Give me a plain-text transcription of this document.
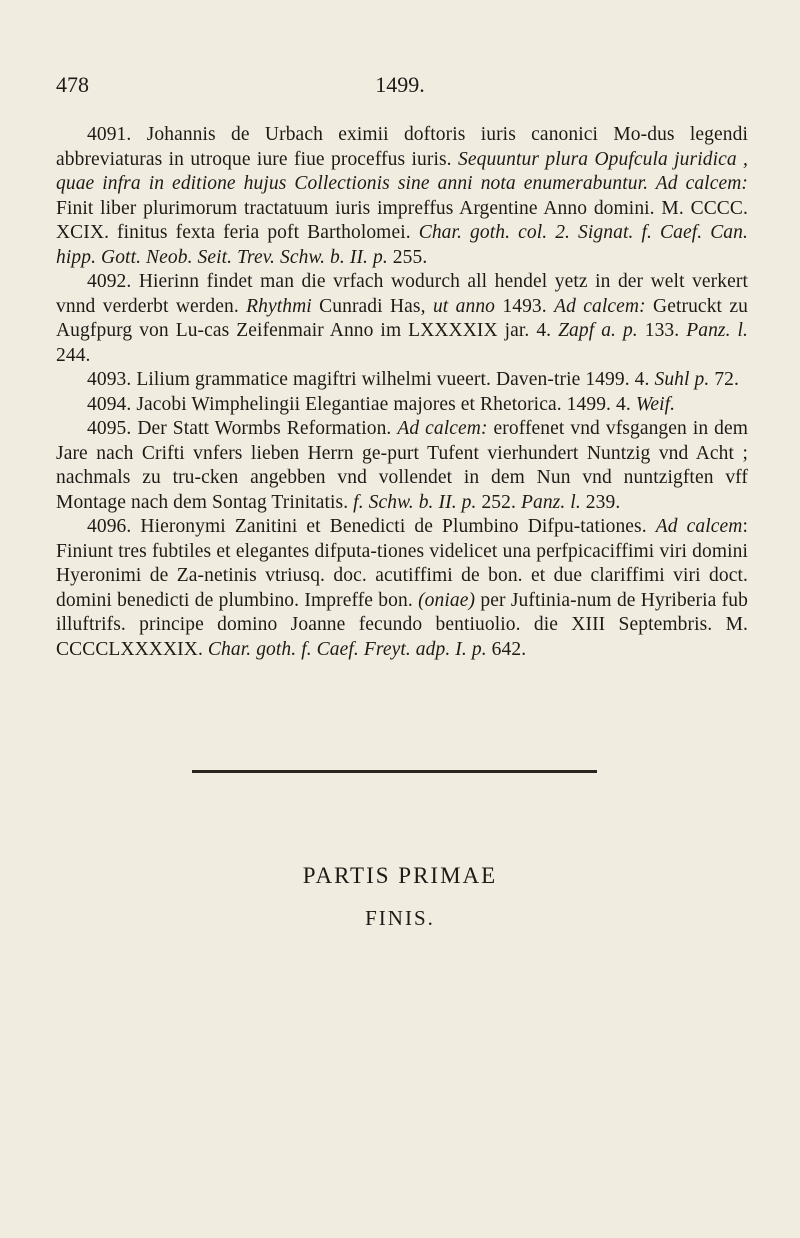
478	1499.

4091. Johannis de Urbach eximii doftoris iuris canonici Mo-dus legendi abbreviaturas in utroque iure fiue proceffus iuris. Sequuntur plura Opufcula juridica , quae infra in editione hujus Collectionis sine anni nota enumerabuntur. Ad calcem: Finit liber plurimorum tractatuum iuris impreffus Argentine Anno domini. M. CCCC. XCIX. finitus fexta feria poft Bartholomei. Char. goth. col. 2. Signat. f. Caef. Can. hipp. Gott. Neob. Seit. Trev. Schw. b. II. p. 255.

4092. Hierinn findet man die vrfach wodurch all hendel yetz in der welt verkert vnnd verderbt werden. Rhythmi Cunradi Has, ut anno 1493. Ad calcem: Getruckt zu Augfpurg von Lu-cas Zeifenmair Anno im LXXXXIX jar. 4. Zapf a. p. 133. Panz. l. 244.

4093. Lilium grammatice magiftri wilhelmi vueert. Daven-trie 1499. 4. Suhl p. 72.

4094. Jacobi Wimphelingii Elegantiae majores et Rhetorica. 1499. 4. Weif.

4095. Der Statt Wormbs Reformation. Ad calcem: eroffenet vnd vfsgangen in dem Jare nach Crifti vnfers lieben Herrn ge-purt Tufent vierhundert Nuntzig vnd Acht ; nachmals zu tru-cken angebben vnd vollendet in dem Nun vnd nuntzigften vff Montage nach dem Sontag Trinitatis. f. Schw. b. II. p. 252. Panz. l. 239.

4096. Hieronymi Zanitini et Benedicti de Plumbino Difpu-tationes. Ad calcem: Finiunt tres fubtiles et elegantes difputa-tiones videlicet una perfpicaciffimi viri domini Hyeronimi de Za-netinis vtriusq. doc. acutiffimi de bon. et due clariffimi viri doct. domini benedicti de plumbino. Impreffe bon. (oniae) per Juftinia-num de Hyriberia fub illuftrifs. principe domino Joanne fecundo bentiuolio. die XIII Septembris. M. CCCCLXXXXIX. Char. goth. f. Caef. Freyt. adp. I. p. 642.

PARTIS PRIMAE
FINIS.
